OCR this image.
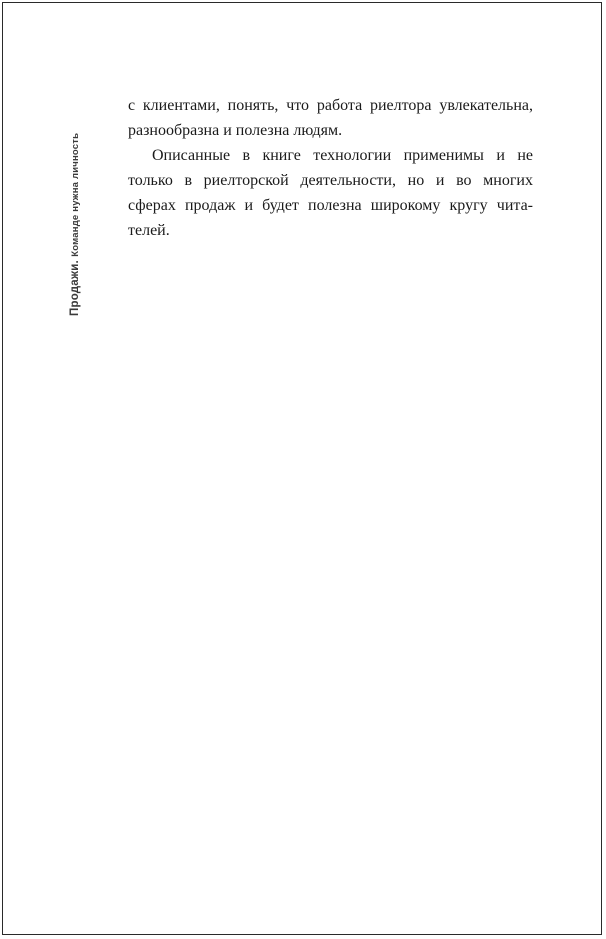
Продажи. Команде нужна личность

с клиентами, понять, что работа риелтора увлекательна,
разнообразна и полезна людям.

Описанные в книге технологии применимы и не
только в риелторской деятельности, но и во многих
сферах продаж и будет полезна широкому кругу чита-
телей.
